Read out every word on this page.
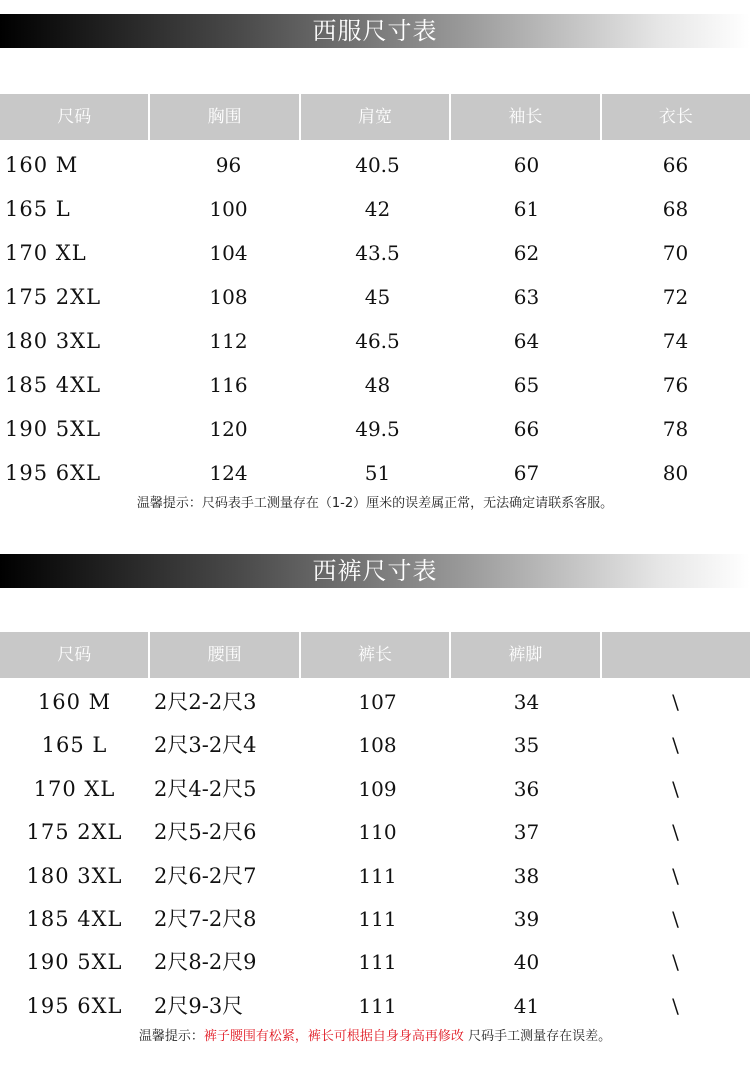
西服尺寸表
尺码	胸围	肩宽	袖长	衣长
160 M	96	40.5	60	66
165 L	100	42	61	68
170 XL	104	43.5	62	70
175 2XL	108	45	63	72
180 3XL	112	46.5	64	74
185 4XL	116	48	65	76
190 5XL	120	49.5	66	78
195 6XL	124	51	67	80
温馨提示：尺码表手工测量存在（1-2）厘米的误差属正常，无法确定请联系客服。
西裤尺寸表
尺码	腰围	裤长	裤脚
160 M	2尺2-2尺3	107	34	\
165 L	2尺3-2尺4	108	35	\
170 XL	2尺4-2尺5	109	36	\
175 2XL	2尺5-2尺6	110	37	\
180 3XL	2尺6-2尺7	111	38	\
185 4XL	2尺7-2尺8	111	39	\
190 5XL	2尺8-2尺9	111	40	\
195 6XL	2尺9-3尺	111	41	\
温馨提示：裤子腰围有松紧，裤长可根据自身身高再修改 尺码手工测量存在误差。
